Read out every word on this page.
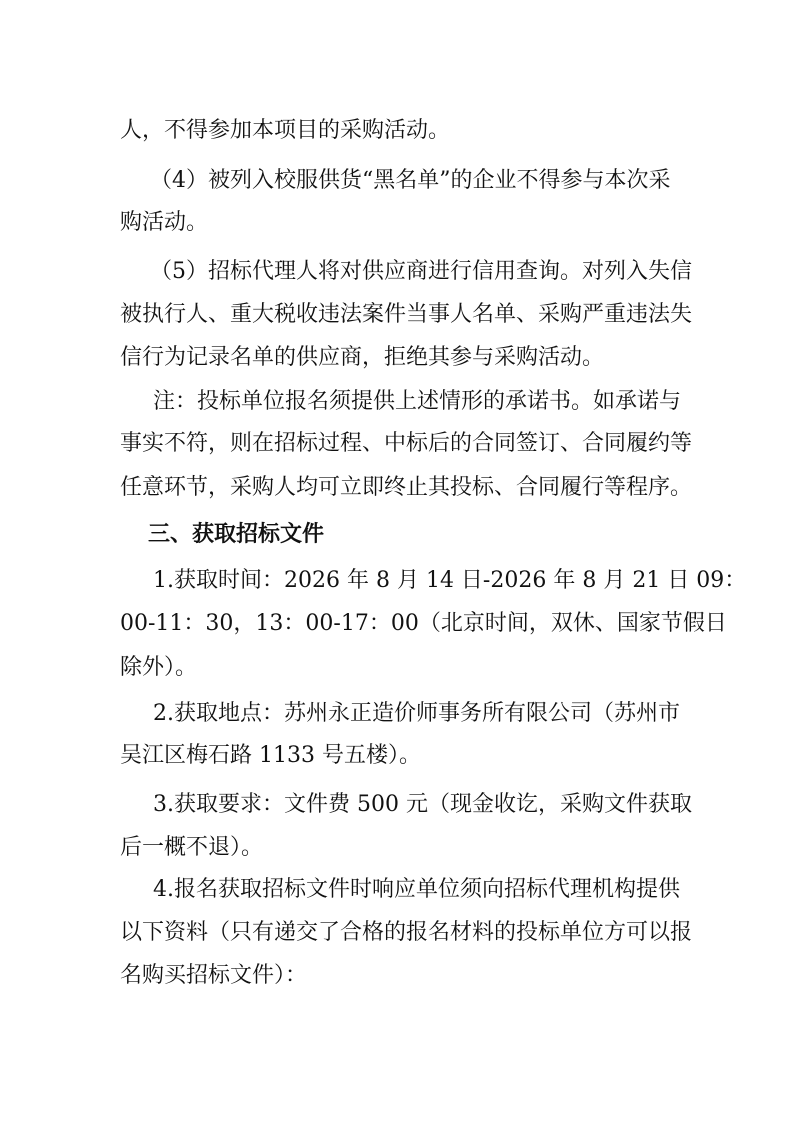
人，不得参加本项目的采购活动。
（4）被列入校服供货“黑名单”的企业不得参与本次采
购活动。
（5）招标代理人将对供应商进行信用查询。对列入失信
被执行人、重大税收违法案件当事人名单、采购严重违法失
信行为记录名单的供应商，拒绝其参与采购活动。
注：投标单位报名须提供上述情形的承诺书。如承诺与
事实不符，则在招标过程、中标后的合同签订、合同履约等
任意环节，采购人均可立即终止其投标、合同履行等程序。
三、获取招标文件
1.获取时间：2026 年 8 月 14 日-2026 年 8 月 21 日 09：
00-11：30，13：00-17：00（北京时间，双休、国家节假日
除外）。
2.获取地点：苏州永正造价师事务所有限公司（苏州市
吴江区梅石路 1133 号五楼）。
3.获取要求：文件费 500 元（现金收讫，采购文件获取
后一概不退）。
4.报名获取招标文件时响应单位须向招标代理机构提供
以下资料（只有递交了合格的报名材料的投标单位方可以报
名购买招标文件）：
